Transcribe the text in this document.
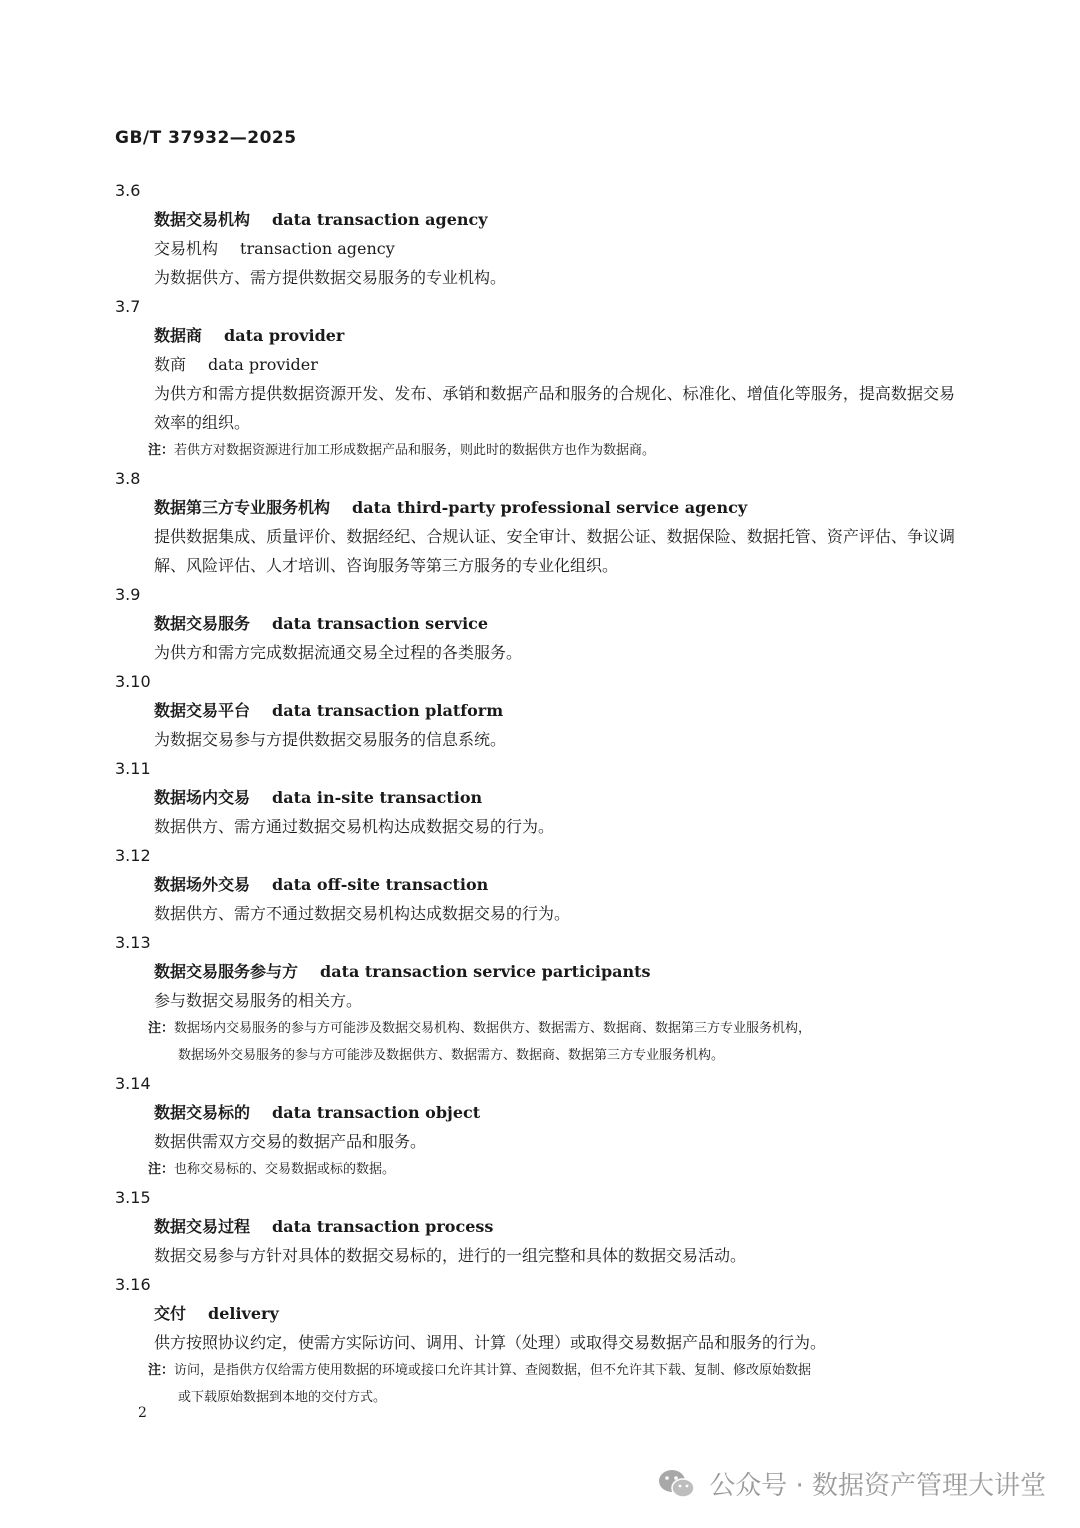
GB/T 37932—2025
3.6
数据交易机构 data transaction agency
交易机构 transaction agency
为数据供方、需方提供数据交易服务的专业机构。
3.7
数据商 data provider
数商 data provider
为供方和需方提供数据资源开发、发布、承销和数据产品和服务的合规化、标准化、增值化等服务，提高数据交易效率的组织。
注：若供方对数据资源进行加工形成数据产品和服务，则此时的数据供方也作为数据商。
3.8
数据第三方专业服务机构 data third-party professional service agency
提供数据集成、质量评价、数据经纪、合规认证、安全审计、数据公证、数据保险、数据托管、资产评估、争议调解、风险评估、人才培训、咨询服务等第三方服务的专业化组织。
3.9
数据交易服务 data transaction service
为供方和需方完成数据流通交易全过程的各类服务。
3.10
数据交易平台 data transaction platform
为数据交易参与方提供数据交易服务的信息系统。
3.11
数据场内交易 data in-site transaction
数据供方、需方通过数据交易机构达成数据交易的行为。
3.12
数据场外交易 data off-site transaction
数据供方、需方不通过数据交易机构达成数据交易的行为。
3.13
数据交易服务参与方 data transaction service participants
参与数据交易服务的相关方。
注：数据场内交易服务的参与方可能涉及数据交易机构、数据供方、数据需方、数据商、数据第三方专业服务机构，
数据场外交易服务的参与方可能涉及数据供方、数据需方、数据商、数据第三方专业服务机构。
3.14
数据交易标的 data transaction object
数据供需双方交易的数据产品和服务。
注：也称交易标的、交易数据或标的数据。
3.15
数据交易过程 data transaction process
数据交易参与方针对具体的数据交易标的，进行的一组完整和具体的数据交易活动。
3.16
交付 delivery
供方按照协议约定，使需方实际访问、调用、计算（处理）或取得交易数据产品和服务的行为。
注：访问，是指供方仅给需方使用数据的环境或接口允许其计算、查阅数据，但不允许其下载、复制、修改原始数据
或下载原始数据到本地的交付方式。
2
公众号 · 数据资产管理大讲堂
